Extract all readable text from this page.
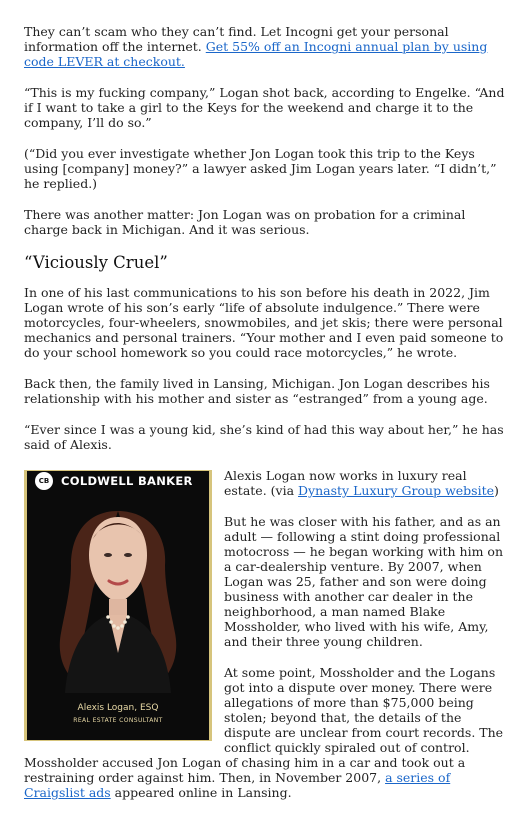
They can’t scam who they can’t find. Let Incogni get your personal information off the internet. Get 55% off an Incogni annual plan by using code LEVER at checkout.

“This is my fucking company,” Logan shot back, according to Engelke. “And if I want to take a girl to the Keys for the weekend and charge it to the company, I’ll do so.”

(“Did you ever investigate whether Jon Logan took this trip to the Keys using [company] money?” a lawyer asked Jim Logan years later. “I didn’t,” he replied.)

There was another matter: Jon Logan was on probation for a criminal charge back in Michigan. And it was serious.

“Viciously Cruel”

In one of his last communications to his son before his death in 2022, Jim Logan wrote of his son’s early “life of absolute indulgence.” There were motorcycles, four-wheelers, snowmobiles, and jet skis; there were personal mechanics and personal trainers. “Your mother and I even paid someone to do your school homework so you could race motorcycles,” he wrote.

Back then, the family lived in Lansing, Michigan. Jon Logan describes his relationship with his mother and sister as “estranged” from a young age.

“Ever since I was a young kid, she’s kind of had this way about her,” he has said of Alexis.

CB COLDWELL BANKER
Alexis Logan, ESQ
REAL ESTATE CONSULTANT

Alexis Logan now works in luxury real estate. (via Dynasty Luxury Group website)

But he was closer with his father, and as an adult — following a stint doing professional motocross — he began working with him on a car-dealership venture. By 2007, when Logan was 25, father and son were doing business with another car dealer in the neighborhood, a man named Blake Mossholder, who lived with his wife, Amy, and their three young children.

At some point, Mossholder and the Logans got into a dispute over money. There were allegations of more than $75,000 being stolen; beyond that, the details of the dispute are unclear from court records. The conflict quickly spiraled out of control. Mossholder accused Jon Logan of chasing him in a car and took out a restraining order against him. Then, in November 2007, a series of Craigslist ads appeared online in Lansing.
